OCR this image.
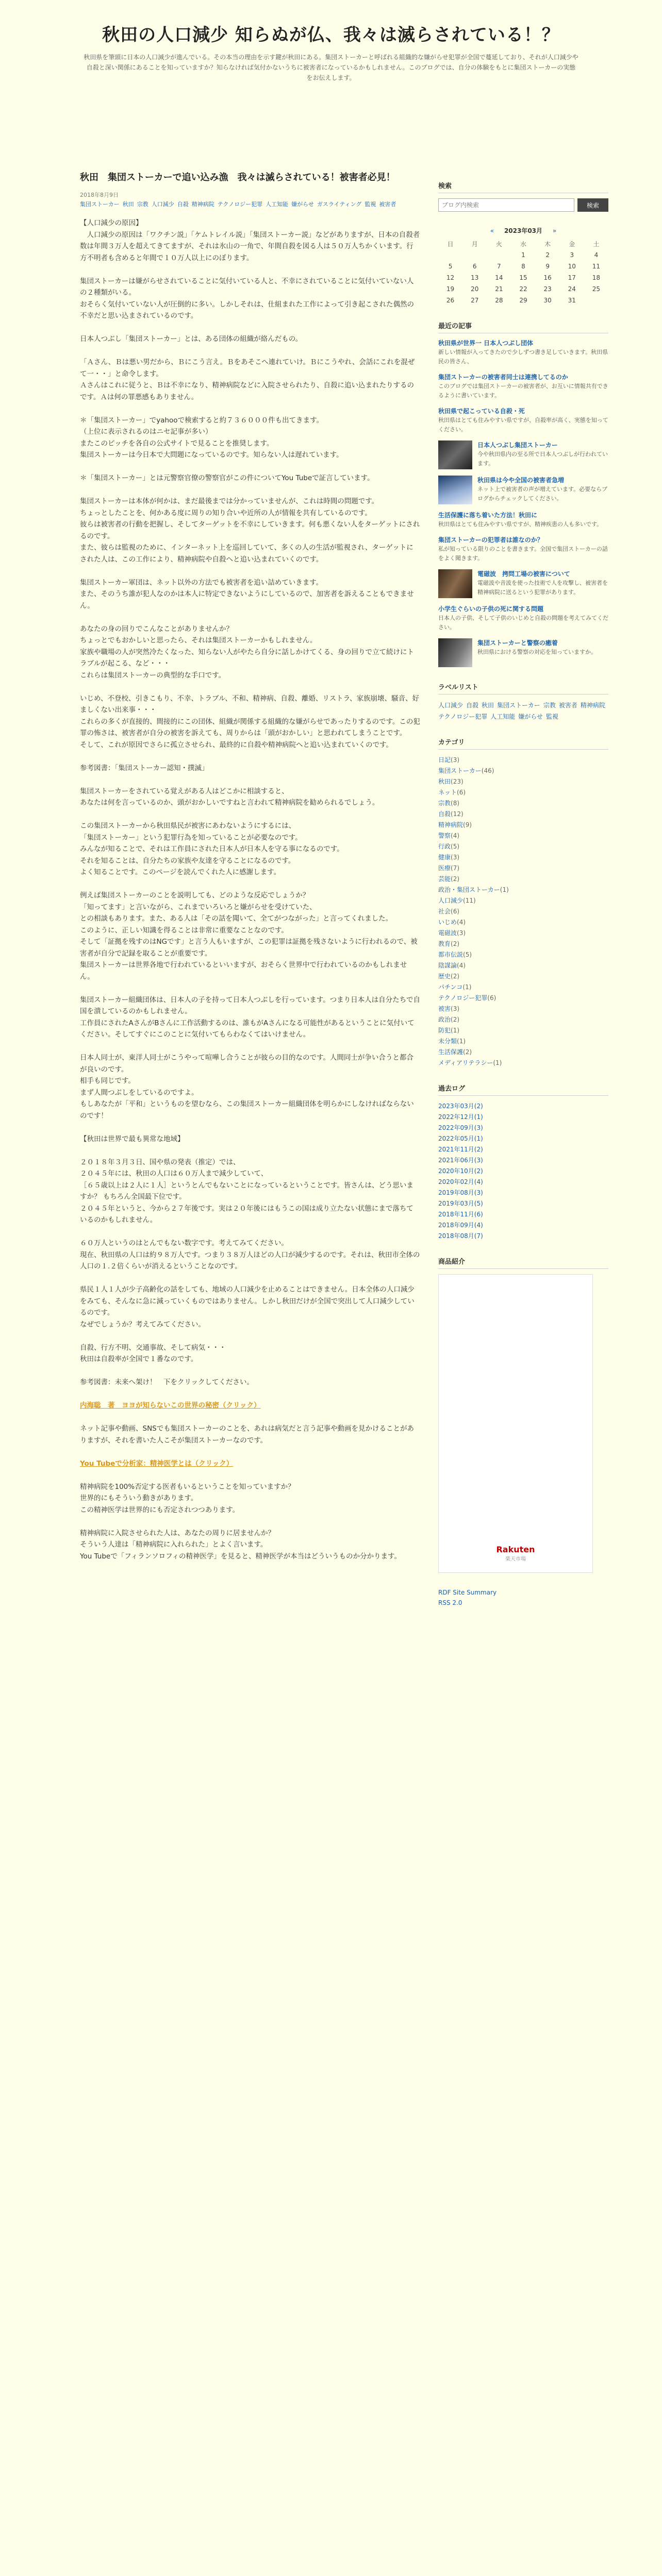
秋田の人口減少 知らぬが仏、我々は滅らされている！？
秋田県を筆頭に日本の人口減少が進んでいる。その本当の理由を示す鍵が秋田にある。集団ストーカーと呼ばれる組織的な嫌がらせ犯罪が全国で蔓延しており、それが人口減少や自殺と深い関係にあることを知っていますか？知らなければ気付かないうちに被害者になっているかもしれません。このブログでは、自分の体験をもとに集団ストーカーの実態をお伝えします。
秋田　集団ストーカーで追い込み漁　我々は滅らされている！被害者必見！
2018年8月9日
集団ストーカー 秋田 宗教 人口減少 自殺 精神病院 テクノロジー犯罪 人工知能 嫌がらせ ガスライティング 監視 被害者

【人口減少の原因】
　人口減少の原因は「ワクチン説」「ケムトレイル説」「集団ストーカー説」などがありますが、日本の自殺者数は年間３万人を超えてきてますが、それは氷山の一角で、年間自殺を図る人は５０万人ちかくいます。行方不明者も含めると年間で１０万人以上にのぼります。

集団ストーカーは嫌がらせされていることに気付いている人と、不幸にされていることに気付いていない人の２種類がいる。
おそらく気付いていない人が圧倒的に多い。しかしそれは、仕組まれた工作によって引き起こされた偶然の不幸だと思い込まされているのです。

日本人つぶし「集団ストーカー」とは、ある団体の組織が絡んだもの。

「Ａさん、Ｂは悪い男だから、Ｂにこう言え。Ｂをあそこへ連れていけ。Ｂにこうやれ、会話にこれを混ぜて一・・」と命令します。
Ａさんはこれに従うと、Ｂは不幸になり、精神病院などに入院させられたり、自殺に追い込まれたりするのです。Ａは何の罪悪感もありません。

＊「集団ストーカー」でyahooで検索すると約７３６０００件も出てきます。
（上位に表示されるのはニセ記事が多い）
またこのピッチを各自の公式サイトで見ることを推奨します。
集団ストーカーは今日本で大問題になっているのです。知らない人は遅れています。

＊「集団ストーカー」とは元警察官僚の警察官がこの件についてYou Tubeで証言しています。

集団ストーカーは本体が何かは、まだ最後までは分かっていませんが、これは時間の問題です。
ちょっとしたことを、何かある度に周りの知り合いや近所の人が情報を共有しているのです。
彼らは被害者の行動を把握し、そしてターゲットを不幸にしていきます。何も悪くない人をターゲットにされるのです。
また、彼らは監視のために、インターネット上を巡回していて、多くの人の生活が監視され、ターゲットにされた人は、この工作により、精神病院や自殺へと追い込まれていくのです。

集団ストーカー軍団は、ネット以外の方法でも被害者を追い詰めていきます。
また、そのうち誰が犯人なのかは本人に特定できないようにしているので、加害者を訴えることもできません。

あなたの身の回りでこんなことがありませんか？
ちょっとでもおかしいと思ったら、それは集団ストーカーかもしれません。
家族や職場の人が突然冷たくなった、知らない人がやたら自分に話しかけてくる、身の回りで立て続けにトラブルが起こる、など・・・
これらは集団ストーカーの典型的な手口です。

いじめ、不登校、引きこもり、不幸、トラブル、不和、精神病、自殺、離婚、リストラ、家族崩壊、騒音、好ましくない出来事・・・
これらの多くが直接的、間接的にこの団体、組織が関係する組織的な嫌がらせであったりするのです。この犯罪の怖さは、被害者が自分の被害を訴えても、周りからは「頭がおかしい」と思われてしまうことです。
そして、これが原因でさらに孤立させられ、最終的に自殺や精神病院へと追い込まれていくのです。

参考図書：「集団ストーカー認知・撲滅」

集団ストーカーをされている覚えがある人はどこかに相談すると、
あなたは何を言っているのか、頭がおかしいですねと言われて精神病院を勧められるでしょう。

この集団ストーカーから秋田県民が被害にあわないようにするには、
「集団ストーカー」という犯罪行為を知っていることが必要なのです。
みんなが知ることで、それは工作員にされた日本人が日本人を守る事になるのです。
それを知ることは、自分たちの家族や友達を守ることになるのです。
よく知ることです。このページを読んでくれた人に感謝します。

例えば集団ストーカーのことを説明しても、どのような反応でしょうか？
「知ってます」と言いながら、これまでいろいろと嫌がらせを受けていた、
との相談もあります。また、ある人は「その話を聞いて、全てがつながった」と言ってくれました。
このように、正しい知識を得ることは非常に重要なことなのです。
そして「証拠を残すのはNGです」と言う人もいますが、この犯罪は証拠を残さないように行われるので、被害者が自分で記録を取ることが重要です。
集団ストーカーは世界各地で行われているといいますが、おそらく世界中で行われているのかもしれません。

集団ストーカー組織団体は、日本人の子を持って日本人つぶしを行っています。つまり日本人は自分たちで自国を潰しているのかもしれません。
工作員にされたAさんがBさんに工作活動するのは、誰もがAさんになる可能性があるということに気付いてください。そしてすぐにこのことに気付いてもらわなくてはいけません。

日本人同士が、東洋人同士がこうやって喧嘩し合うことが彼らの目的なのです。人間同士が争い合うと都合が良いのです。
相手も同じです。
まず人間つぶしをしているのですよ。
もしあなたが「平和」というものを望むなら、この集団ストーカー組織団体を明らかにしなければならないのです！

【秋田は世界で最も異常な地域】

２０１８年３月３日、国や県の発表（推定）では、
２０４５年には、秋田の人口は６０万人まで減少していて、
［６５歳以上は２人に１人］というとんでもないことになっているということです。皆さんは、どう思いますか？ もちろん全国最下位です。
２０４５年というと、今から２７年後です。実は２０年後にはもうこの国は成り立たない状態にまで落ちているのかもしれません。

６０万人というのはとんでもない数字です。考えてみてください。
現在、秋田県の人口は約９８万人です。つまり３８万人ほどの人口が減少するのです。それは、秋田市全体の人口の１.２倍くらいが消えるということなのです。

県民１人１人が少子高齢化の話をしても、地域の人口減少を止めることはできません。日本全体の人口減少をみても、そんなに急に減っていくものではありません。しかし秋田だけが全国で突出して人口減少しているのです。
なぜでしょうか？考えてみてください。

自殺、行方不明、交通事故、そして病気・・・
秋田は自殺率が全国で１番なのです。

参考図書：未来へ架け！　下をクリックしてください。

内海聡　著　ヨヨが知らないこの世界の秘密（クリック）

ネット記事や動画、SNSでも集団ストーカーのことを、あれは病気だと言う記事や動画を見かけることがありますが、それを書いた人こそが集団ストーカーなのです。

You Tubeで分析家：精神医学とは（クリック）

精神病院を100%否定する医者もいるということを知っていますか？
世界的にもそういう動きがあります。
この精神医学は世界的にも否定されつつあります。

精神病院に入院させられた人は、あなたの周りに居ませんか？
そういう人達は「精神病院に入れられた」とよく言います。
You Tubeで「フィランソロフィの精神医学」を見ると、精神医学が本当はどういうものか分かります。

検索
ブログ内検索
検索
« 2023年03月 »
日	月	火	水	木	金	土
			1	2	3	4
5	6	7	8	9	10	11
12	13	14	15	16	17	18
19	20	21	22	23	24	25
26	27	28	29	30	31	
最近の記事
秋田県が世界一 日本人つぶし団体
新しい情報が入ってきたので少しずつ書き足していきます。秋田県民の皆さん、
集団ストーカーの被害者同士は連携してるのか
このブログでは集団ストーカーの被害者が、お互いに情報共有できるように書いています。
秋田県で起こっている自殺・死
秋田県はとても住みやすい県ですが、自殺率が高く、実態を知ってください。
日本人つぶし集団ストーカー
今や秋田県内の至る所で日本人つぶしが行われています。
秋田県は今や全国の被害者急増
ネット上で被害者の声が増えています。必要ならブログからチェックしてください。
生活保護に落ち着いた方法！秋田に
秋田県はとても住みやすい県ですが、精神疾患の人も多いです。
集団ストーカーの犯罪者は誰なのか？
私が知っている限りのことを書きます。全国で集団ストーカーの話をよく聞きます。
電磁波　拷問工場の被害について
電磁波や音波を使った技術で人を攻撃し、被害者を精神病院に送るという犯罪があります。
小学生ぐらいの子供の死に関する問題
日本人の子供、そして子供のいじめと自殺の問題を考えてみてください。
集団ストーカーと警察の癒着
秋田県における警察の対応を知っていますか。
ラベルリスト
人口減少 自殺 秋田 集団ストーカー 宗教 被害者 精神病院テクノロジー犯罪 人工知能 嫌がらせ 監視
カテゴリ
日記(3)
集団ストーカー(46)
秋田(23)
ネット(6)
宗教(8)
自殺(12)
精神病院(9)
警察(4)
行政(5)
健康(3)
医療(7)
芸能(2)
政治・集団ストーカー(1)
人口減少(11)
社会(6)
いじめ(4)
電磁波(3)
教育(2)
都市伝説(5)
陰謀論(4)
歴史(2)
パチンコ(1)
テクノロジー犯罪(6)
被害(3)
政治(2)
防犯(1)
未分類(1)
生活保護(2)
メディアリテラシー(1)
過去ログ
2023年03月(2)
2022年12月(1)
2022年09月(3)
2022年05月(1)
2021年11月(2)
2021年06月(3)
2020年10月(2)
2020年02月(4)
2019年08月(3)
2019年03月(5)
2018年11月(6)
2018年09月(4)
2018年08月(7)
商品紹介
Rakuten
楽天市場
RDF Site Summary
RSS 2.0
